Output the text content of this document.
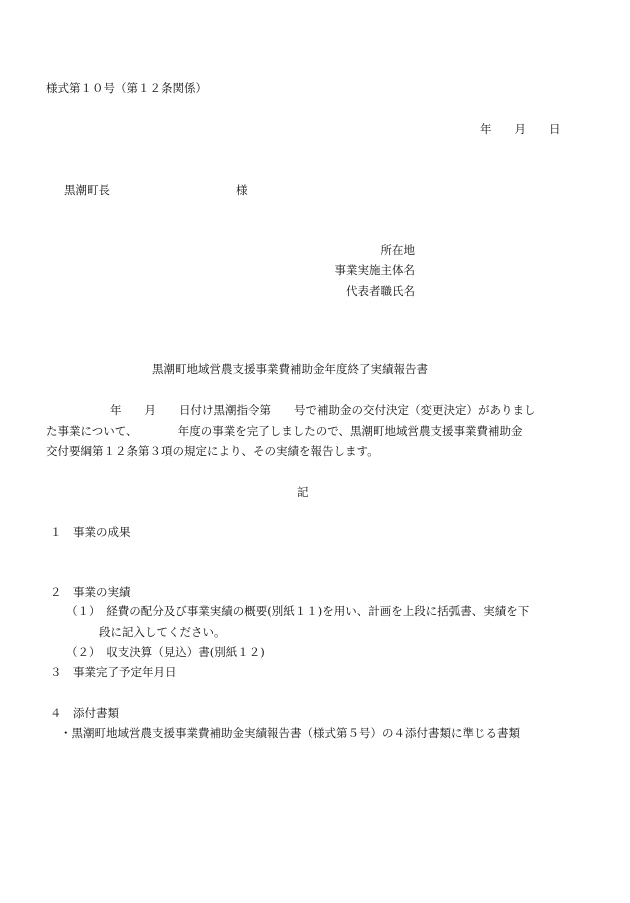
様式第１０号（第１２条関係）
年　　月　　日
黒潮町長	様
所在地
事業実施主体名
代表者職氏名
黒潮町地域営農支援事業費補助金年度終了実績報告書
年　　月　　日付け黒潮指令第　　号で補助金の交付決定（変更決定）がありまし
た事業について、　　　　年度の事業を完了しましたので、黒潮町地域営農支援事業費補助金
交付要綱第１２条第３項の規定により、その実績を報告します。
記
１　事業の成果
２　事業の実績
（１）　経費の配分及び事業実績の概要(別紙１１)を用い、計画を上段に括弧書、実績を下
段に記入してください。
（２）　収支決算（見込）書(別紙１２)
３　事業完了予定年月日
４　添付書類
・黒潮町地域営農支援事業費補助金実績報告書（様式第５号）の４添付書類に準じる書類
